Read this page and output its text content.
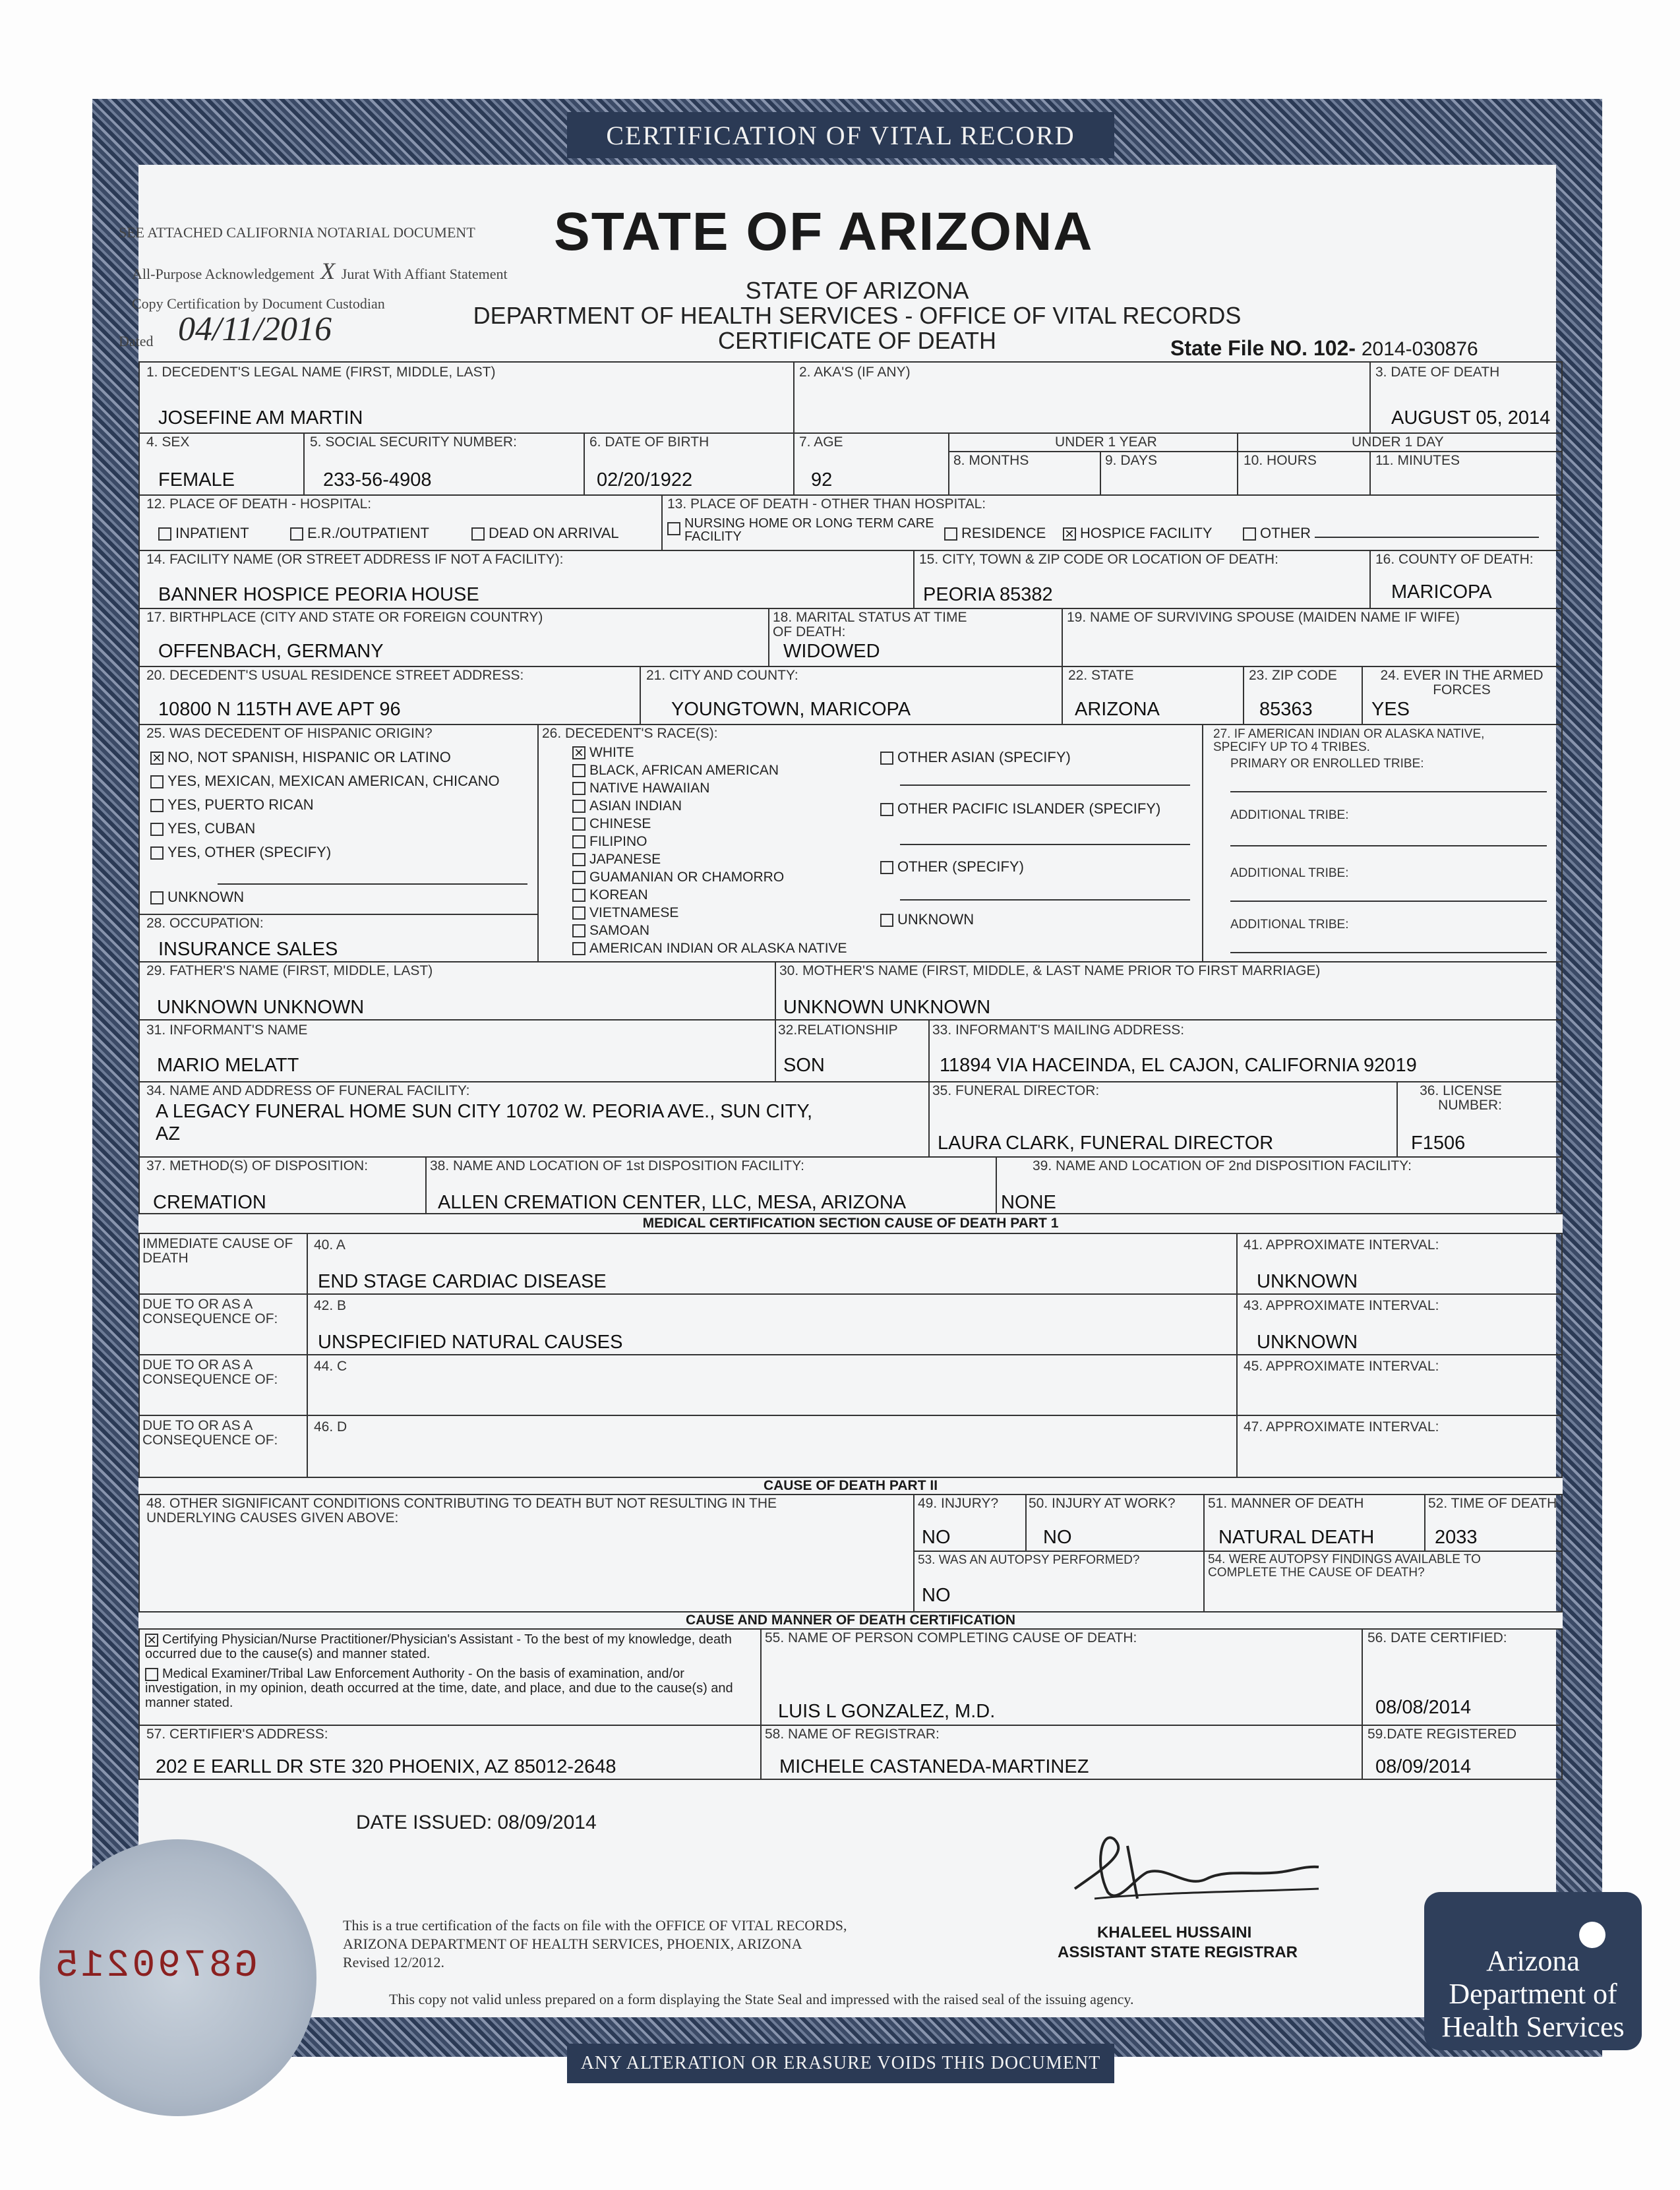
CERTIFICATION OF VITAL RECORD
SEE ATTACHED CALIFORNIA NOTARIAL DOCUMENT
All-Purpose Acknowledgement X Jurat With Affiant Statement
Copy Certification by Document Custodian
Dated 04/11/2016
STATE OF ARIZONA
STATE OF ARIZONA
DEPARTMENT OF HEALTH SERVICES - OFFICE OF VITAL RECORDS
CERTIFICATE OF DEATH	State File NO. 102- 2014-030876
1. DECEDENT'S LEGAL NAME (FIRST, MIDDLE, LAST)
JOSEFINE AM MARTIN
2. AKA'S (IF ANY)	3. DATE OF DEATH
AUGUST 05, 2014
4. SEX
FEMALE
5. SOCIAL SECURITY NUMBER:
233-56-4908
6. DATE OF BIRTH
02/20/1922
7. AGE
92
UNDER 1 YEAR
8. MONTHS	9. DAYS
UNDER 1 DAY
10. HOURS	11. MINUTES
12. PLACE OF DEATH - HOSPITAL:
INPATIENT	E.R./OUTPATIENT	DEAD ON ARRIVAL
13. PLACE OF DEATH - OTHER THAN HOSPITAL:
NURSING HOME OR LONG TERM CARE FACILITY	RESIDENCE ✕ HOSPICE FACILITY	OTHER
14. FACILITY NAME (OR STREET ADDRESS IF NOT A FACILITY):
BANNER HOSPICE PEORIA HOUSE
15. CITY, TOWN & ZIP CODE OR LOCATION OF DEATH:
PEORIA 85382
16. COUNTY OF DEATH:
MARICOPA
17. BIRTHPLACE (CITY AND STATE OR FOREIGN COUNTRY)
OFFENBACH, GERMANY
18. MARITAL STATUS AT TIME OF DEATH:
WIDOWED
19. NAME OF SURVIVING SPOUSE (MAIDEN NAME IF WIFE)
20. DECEDENT'S USUAL RESIDENCE STREET ADDRESS:
10800 N 115TH AVE APT 96
21. CITY AND COUNTY:
YOUNGTOWN, MARICOPA
22. STATE
ARIZONA
23. ZIP CODE
85363
24. EVER IN THE ARMED FORCES
YES
25. WAS DECEDENT OF HISPANIC ORIGIN?
✕ NO, NOT SPANISH, HISPANIC OR LATINO
YES, MEXICAN, MEXICAN AMERICAN, CHICANO
YES, PUERTO RICAN
YES, CUBAN
YES, OTHER (SPECIFY)
UNKNOWN
26. DECEDENT'S RACE(S):
✕ WHITE
BLACK, AFRICAN AMERICAN
NATIVE HAWAIIAN
ASIAN INDIAN
CHINESE
FILIPINO
JAPANESE
GUAMANIAN OR CHAMORRO
KOREAN
VIETNAMESE
SAMOAN
AMERICAN INDIAN OR ALASKA NATIVE
OTHER ASIAN (SPECIFY)
OTHER PACIFIC ISLANDER (SPECIFY)
OTHER (SPECIFY)
UNKNOWN
27. IF AMERICAN INDIAN OR ALASKA NATIVE, SPECIFY UP TO 4 TRIBES.
PRIMARY OR ENROLLED TRIBE:
ADDITIONAL TRIBE:
ADDITIONAL TRIBE:
ADDITIONAL TRIBE:
28. OCCUPATION:
INSURANCE SALES
29. FATHER'S NAME (FIRST, MIDDLE, LAST)
UNKNOWN UNKNOWN
30. MOTHER'S NAME (FIRST, MIDDLE, & LAST NAME PRIOR TO FIRST MARRIAGE)
UNKNOWN UNKNOWN
31. INFORMANT'S NAME
MARIO MELATT
32.RELATIONSHIP
SON
33. INFORMANT'S MAILING ADDRESS:
11894 VIA HACEINDA, EL CAJON, CALIFORNIA 92019
34. NAME AND ADDRESS OF FUNERAL FACILITY:
A LEGACY FUNERAL HOME SUN CITY 10702 W. PEORIA AVE., SUN CITY,
AZ
35. FUNERAL DIRECTOR:
LAURA CLARK, FUNERAL DIRECTOR
36. LICENSE NUMBER:
F1506
37. METHOD(S) OF DISPOSITION:
CREMATION
38. NAME AND LOCATION OF 1st DISPOSITION FACILITY:
ALLEN CREMATION CENTER, LLC, MESA, ARIZONA
39. NAME AND LOCATION OF 2nd DISPOSITION FACILITY:
NONE
MEDICAL CERTIFICATION SECTION CAUSE OF DEATH PART 1
IMMEDIATE CAUSE OF DEATH
40. A
END STAGE CARDIAC DISEASE
41. APPROXIMATE INTERVAL:
UNKNOWN
DUE TO OR AS A CONSEQUENCE OF:
42. B
UNSPECIFIED NATURAL CAUSES
43. APPROXIMATE INTERVAL:
UNKNOWN
DUE TO OR AS A CONSEQUENCE OF:
44. C	45. APPROXIMATE INTERVAL:
DUE TO OR AS A CONSEQUENCE OF:
46. D	47. APPROXIMATE INTERVAL:
CAUSE OF DEATH PART II
48. OTHER SIGNIFICANT CONDITIONS CONTRIBUTING TO DEATH BUT NOT RESULTING IN THE UNDERLYING CAUSES GIVEN ABOVE:
49. INJURY?
NO
50. INJURY AT WORK?
NO
51. MANNER OF DEATH
NATURAL DEATH
52. TIME OF DEATH
2033
53. WAS AN AUTOPSY PERFORMED?
NO
54. WERE AUTOPSY FINDINGS AVAILABLE TO COMPLETE THE CAUSE OF DEATH?
CAUSE AND MANNER OF DEATH CERTIFICATION
✕ Certifying Physician/Nurse Practitioner/Physician's Assistant - To the best of my knowledge, death occurred due to the cause(s) and manner stated.
Medical Examiner/Tribal Law Enforcement Authority - On the basis of examination, and/or investigation, in my opinion, death occurred at the time, date, and place, and due to the cause(s) and manner stated.
55. NAME OF PERSON COMPLETING CAUSE OF DEATH:
LUIS L GONZALEZ, M.D.
56. DATE CERTIFIED:
08/08/2014
57. CERTIFIER'S ADDRESS:
202 E EARLL DR STE 320 PHOENIX, AZ 85012-2648
58. NAME OF REGISTRAR:
MICHELE CASTANEDA-MARTINEZ
59.DATE REGISTERED
08/09/2014
DATE ISSUED: 08/09/2014
G8790215
This is a true certification of the facts on file with the OFFICE OF VITAL RECORDS,
ARIZONA DEPARTMENT OF HEALTH SERVICES, PHOENIX, ARIZONA
Revised 12/2012.
KHALEEL HUSSAINI
ASSISTANT STATE REGISTRAR
This copy not valid unless prepared on a form displaying the State Seal and impressed with the raised seal of the issuing agency.
Arizona
Department of
Health Services
ANY ALTERATION OR ERASURE VOIDS THIS DOCUMENT
